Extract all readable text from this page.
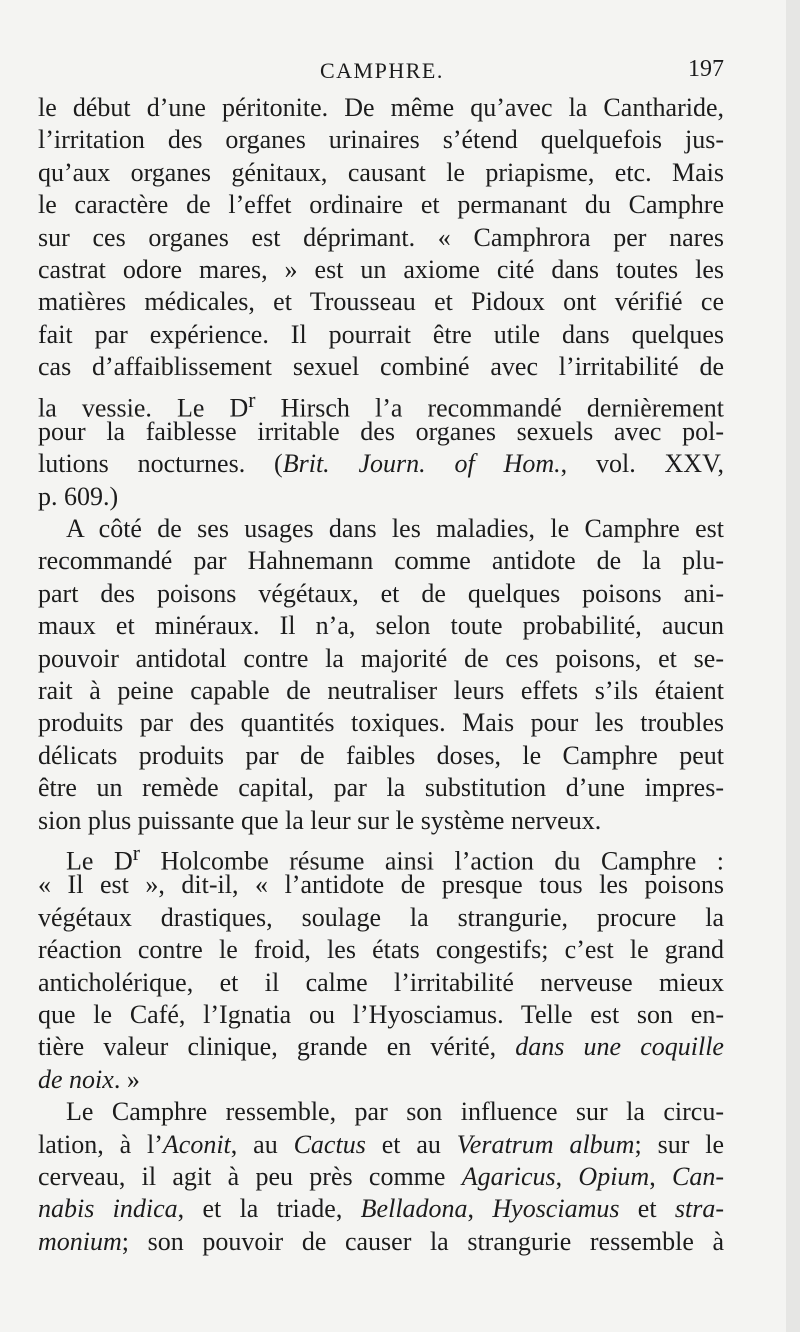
CAMPHRE.	197
le début d’une péritonite. De même qu’avec la Cantharide,
l’irritation des organes urinaires s’étend quelquefois jus-
qu’aux organes génitaux, causant le priapisme, etc. Mais
le caractère de l’effet ordinaire et permanant du Camphre
sur ces organes est déprimant. « Camphrora per nares
castrat odore mares, » est un axiome cité dans toutes les
matières médicales, et Trousseau et Pidoux ont vérifié ce
fait par expérience. Il pourrait être utile dans quelques
cas d’affaiblissement sexuel combiné avec l’irritabilité de
la vessie. Le $D^r$ Hirsch l’a recommandé dernièrement
pour la faiblesse irritable des organes sexuels avec pol-
lutions nocturnes. (Brit. Journ. of Hom., vol. XXV,
p. 609.)
A côté de ses usages dans les maladies, le Camphre est
recommandé par Hahnemann comme antidote de la plu-
part des poisons végétaux, et de quelques poisons ani-
maux et minéraux. Il n’a, selon toute probabilité, aucun
pouvoir antidotal contre la majorité de ces poisons, et se-
rait à peine capable de neutraliser leurs effets s’ils étaient
produits par des quantités toxiques. Mais pour les troubles
délicats produits par de faibles doses, le Camphre peut
être un remède capital, par la substitution d’une impres-
sion plus puissante que la leur sur le système nerveux.
Le $D^r$ Holcombe résume ainsi l’action du Camphre :
« Il est », dit-il, « l’antidote de presque tous les poisons
végétaux drastiques, soulage la strangurie, procure la
réaction contre le froid, les états congestifs; c’est le grand
anticholérique, et il calme l’irritabilité nerveuse mieux
que le Café, l’Ignatia ou l’Hyosciamus. Telle est son en-
tière valeur clinique, grande en vérité, dans une coquille
de noix. »
Le Camphre ressemble, par son influence sur la circu-
lation, à l’Aconit, au Cactus et au Veratrum album; sur le
cerveau, il agit à peu près comme Agaricus, Opium, Can-
nabis indica, et la triade, Belladona, Hyosciamus et stra-
monium; son pouvoir de causer la strangurie ressemble à
